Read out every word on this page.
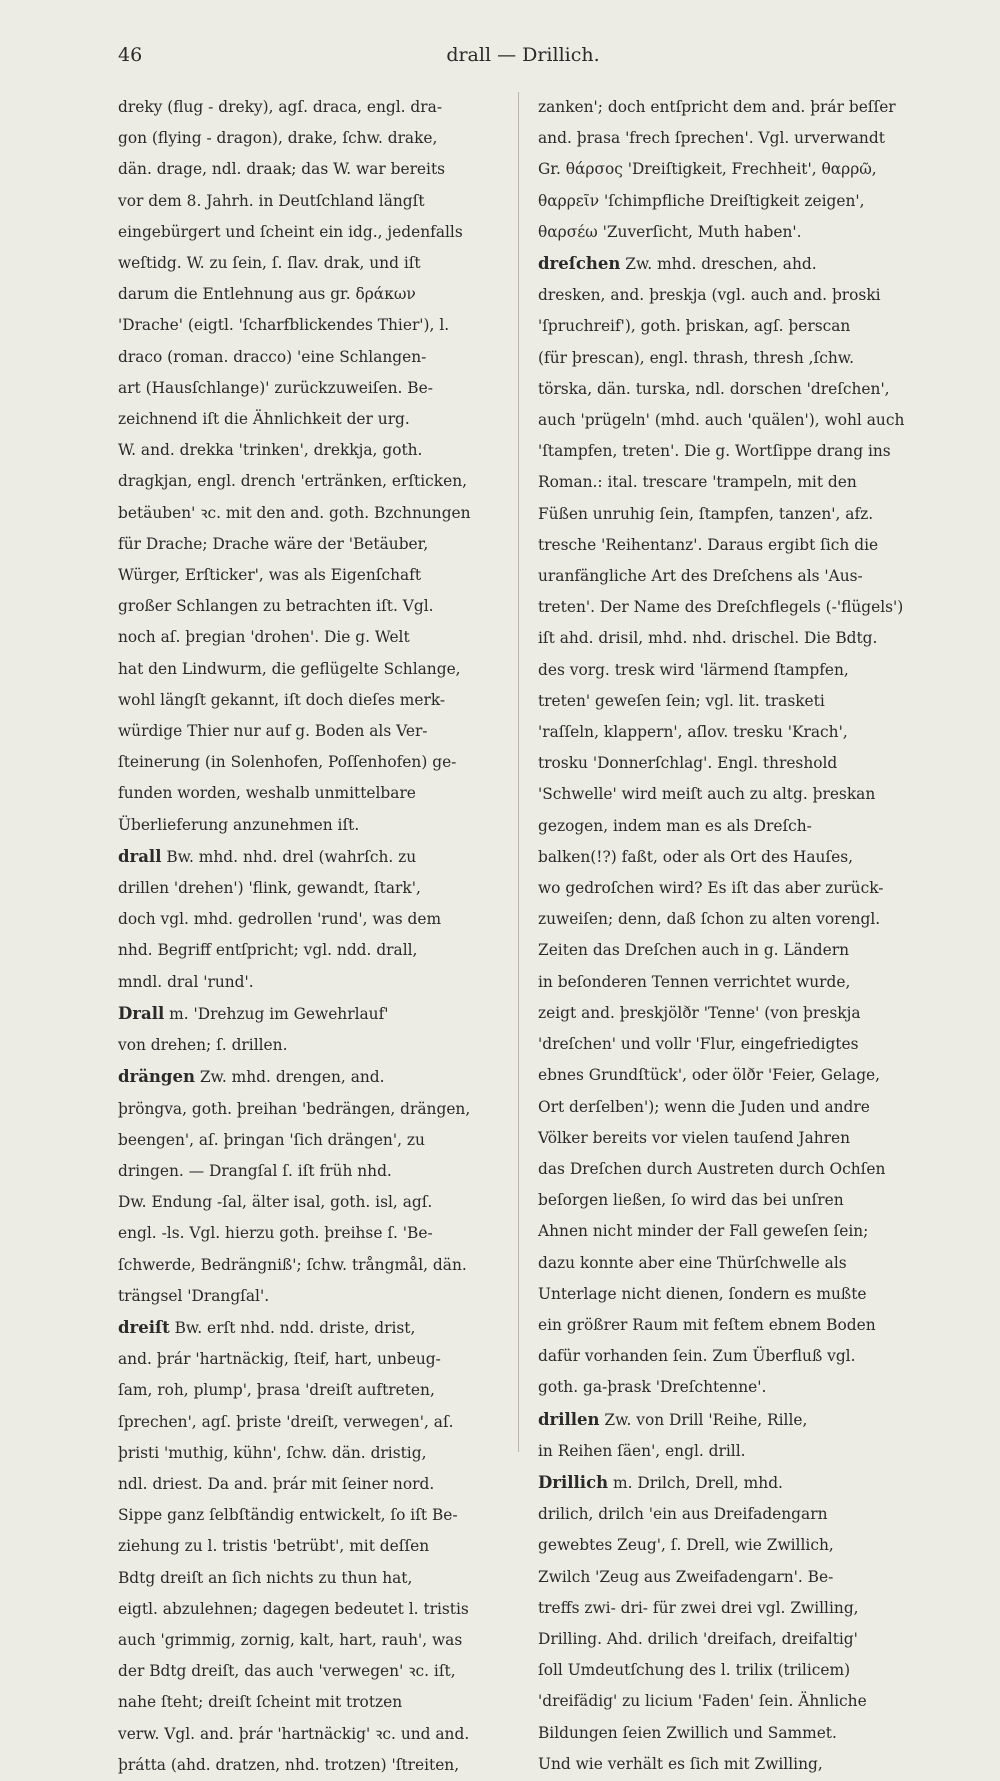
46	drall — Drillich.
dreky (flug - dreky), agſ. draca, engl. dra-
gon (flying - dragon), drake, ſchw. drake,
dän. drage, ndl. draak; das W. war bereits
vor dem 8. Jahrh. in Deutſchland längſt
eingebürgert und ſcheint ein idg., jedenfalls
weſtidg. W. zu ſein, ſ. ſlav. drak, und iſt
darum die Entlehnung aus gr. δράκων
'Drache' (eigtl. 'ſcharfblickendes Thier'), l.
draco (roman. dracco) 'eine Schlangen-
art (Hausſchlange)' zurückzuweiſen. Be-
zeichnend iſt die Ähnlichkeit der urg.
W. and. drekka 'trinken', drekkja, goth.
dragkjan, engl. drench 'ertränken, erſticken,
betäuben' ꝛc. mit den and. goth. Bzchnungen
für Drache; Drache wäre der 'Betäuber,
Würger, Erſticker', was als Eigenſchaft
großer Schlangen zu betrachten iſt. Vgl.
noch aſ. þregian 'drohen'. Die g. Welt
hat den Lindwurm, die geflügelte Schlange,
wohl längſt gekannt, iſt doch dieſes merk-
würdige Thier nur auf g. Boden als Ver-
ſteinerung (in Solenhofen, Poſſenhofen) ge-
funden worden, weshalb unmittelbare
Überlieferung anzunehmen iſt.
drall Bw. mhd. nhd. drel (wahrſch. zu
drillen 'drehen') 'flink, gewandt, ſtark',
doch vgl. mhd. gedrollen 'rund', was dem
nhd. Begriff entſpricht; vgl. ndd. drall,
mndl. dral 'rund'.
Drall m. 'Drehzug im Gewehrlauf'
von drehen; ſ. drillen.
drängen Zw. mhd. drengen, and.
þröngva, goth. þreihan 'bedrängen, drängen,
beengen', aſ. þringan 'ſich drängen', zu
dringen. — Drangſal ſ. iſt früh nhd.
Dw. Endung -ſal, älter isal, goth. isl, agſ.
engl. -ls. Vgl. hierzu goth. þreihse ſ. 'Be-
ſchwerde, Bedrängniß'; ſchw. trångmål, dän.
trängsel 'Drangſal'.
dreiſt Bw. erſt nhd. ndd. driste, drist,
and. þrár 'hartnäckig, ſteif, hart, unbeug-
ſam, roh, plump', þrasa 'dreiſt auftreten,
ſprechen', agſ. þriste 'dreiſt, verwegen', aſ.
þristi 'muthig, kühn', ſchw. dän. dristig,
ndl. driest. Da and. þrár mit ſeiner nord.
Sippe ganz ſelbſtändig entwickelt, ſo iſt Be-
ziehung zu l. tristis 'betrübt', mit deſſen
Bdtg dreiſt an ſich nichts zu thun hat,
eigtl. abzulehnen; dagegen bedeutet l. tristis
auch 'grimmig, zornig, kalt, hart, rauh', was
der Bdtg dreiſt, das auch 'verwegen' ꝛc. iſt,
nahe ſteht; dreiſt ſcheint mit trotzen
verw. Vgl. and. þrár 'hartnäckig' ꝛc. und and.
þrátta (ahd. dratzen, nhd. trotzen) 'ſtreiten,
zanken'; doch entſpricht dem and. þrár beſſer
and. þrasa 'frech ſprechen'. Vgl. urverwandt
Gr. θάρσος 'Dreiſtigkeit, Frechheit', θαρρῶ,
θαρρεῖν 'ſchimpfliche Dreiſtigkeit zeigen',
θαρσέω 'Zuverſicht, Muth haben'.
dreſchen Zw. mhd. dreschen, ahd.
dresken, and. þreskja (vgl. auch and. þroski
'ſpruchreif'), goth. þriskan, agſ. þerscan
(für þrescan), engl. thrash, thresh ,ſchw.
törska, dän. turska, ndl. dorschen 'dreſchen',
auch 'prügeln' (mhd. auch 'quälen'), wohl auch
'ſtampfen, treten'. Die g. Wortſippe drang ins
Roman.: ital. trescare 'trampeln, mit den
Füßen unruhig ſein, ſtampfen, tanzen', afz.
tresche 'Reihentanz'. Daraus ergibt ſich die
uranfängliche Art des Dreſchens als 'Aus-
treten'. Der Name des Dreſchflegels (-'flügels')
iſt ahd. drisil, mhd. nhd. drischel. Die Bdtg.
des vorg. tresk wird 'lärmend ſtampfen,
treten' geweſen ſein; vgl. lit. trasketi
'raſſeln, klappern', aſlov. tresku 'Krach',
trosku 'Donnerſchlag'. Engl. threshold
'Schwelle' wird meiſt auch zu altg. þreskan
gezogen, indem man es als Dreſch-
balken(!?) faßt, oder als Ort des Hauſes,
wo gedroſchen wird? Es iſt das aber zurück-
zuweiſen; denn, daß ſchon zu alten vorengl.
Zeiten das Dreſchen auch in g. Ländern
in beſonderen Tennen verrichtet wurde,
zeigt and. þreskjölðr 'Tenne' (von þreskja
'dreſchen' und vollr 'Flur, eingefriedigtes
ebnes Grundſtück', oder ölðr 'Feier, Gelage,
Ort derſelben'); wenn die Juden und andre
Völker bereits vor vielen tauſend Jahren
das Dreſchen durch Austreten durch Ochſen
beſorgen ließen, ſo wird das bei unſren
Ahnen nicht minder der Fall geweſen ſein;
dazu konnte aber eine Thürſchwelle als
Unterlage nicht dienen, ſondern es mußte
ein größrer Raum mit feſtem ebnem Boden
dafür vorhanden ſein. Zum Überfluß vgl.
goth. ga-þrask 'Dreſchtenne'.
drillen Zw. von Drill 'Reihe, Rille,
in Reihen ſäen', engl. drill.
Drillich m. Drilch, Drell, mhd.
drilich, drilch 'ein aus Dreifadengarn
gewebtes Zeug', ſ. Drell, wie Zwillich,
Zwilch 'Zeug aus Zweifadengarn'. Be-
treffs zwi- dri- für zwei drei vgl. Zwilling,
Drilling. Ahd. drilich 'dreifach, dreifaltig'
ſoll Umdeutſchung des l. trilix (trilicem)
'dreifädig' zu licium 'Faden' ſein. Ähnliche
Bildungen ſeien Zwillich und Sammet.
Und wie verhält es ſich mit Zwilling,
